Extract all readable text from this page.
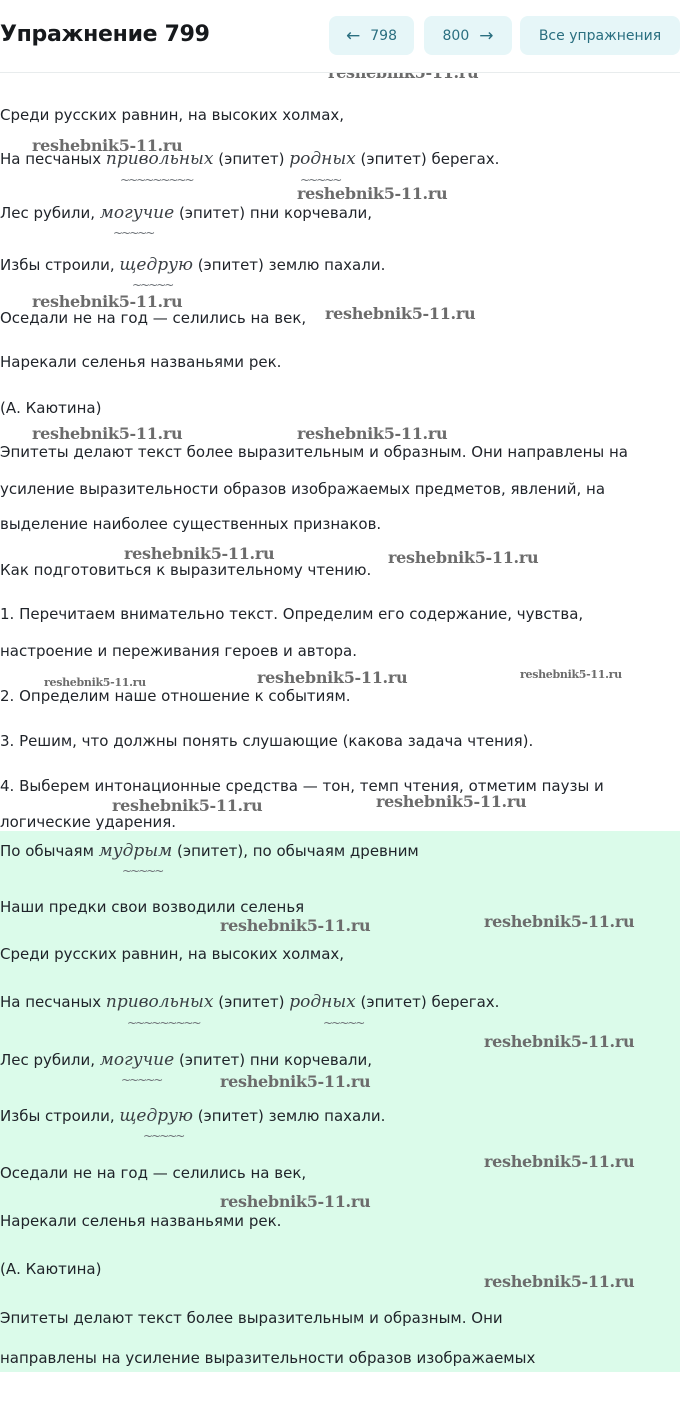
Упражнение 799	← 798	800 →	Все упражнения
Среди русских равнин, на высоких холмах,
На песчаных привольных (эпитет) родных (эпитет) берегах.
~~~~~~~~~	~~~~~
Лес рубили, могучие (эпитет) пни корчевали,
~~~~~
Избы строили, щедрую (эпитет) землю пахали.
~~~~~
Оседали не на год — селились на век,
Нарекали селенья названьями рек.
(А. Каютина)
Эпитеты делают текст более выразительным и образным. Они направлены на
усиление выразительности образов изображаемых предметов, явлений, на
выделение наиболее существенных признаков.
Как подготовиться к выразительному чтению.
1. Перечитаем внимательно текст. Определим его содержание, чувства,
настроение и переживания героев и автора.
2. Определим наше отношение к событиям.
3. Решим, что должны понять слушающие (какова задача чтения).
4. Выберем интонационные средства — тон, темп чтения, отметим паузы и
логические ударения.
По обычаям мудрым (эпитет), по обычаям древним
~~~~~
Наши предки свои возводили селенья
Среди русских равнин, на высоких холмах,
На песчаных привольных (эпитет) родных (эпитет) берегах.
~~~~~~~~~	~~~~~
Лес рубили, могучие (эпитет) пни корчевали,
~~~~~
Избы строили, щедрую (эпитет) землю пахали.
~~~~~
Оседали не на год — селились на век,
Нарекали селенья названьями рек.
(А. Каютина)
Эпитеты делают текст более выразительным и образным. Они
направлены на усиление выразительности образов изображаемых
reshebnik5-11.ru
reshebnik5-11.ru
reshebnik5-11.ru
reshebnik5-11.ru
reshebnik5-11.ru	reshebnik5-11.ru
reshebnik5-11.ru	reshebnik5-11.ru
reshebnik5-11.ru	reshebnik5-11.ru	reshebnik5-11.ru
reshebnik5-11.ru	reshebnik5-11.ru
reshebnik5-11.ru	reshebnik5-11.ru
reshebnik5-11.ru
reshebnik5-11.ru
reshebnik5-11.ru
reshebnik5-11.ru
reshebnik5-11.ru
